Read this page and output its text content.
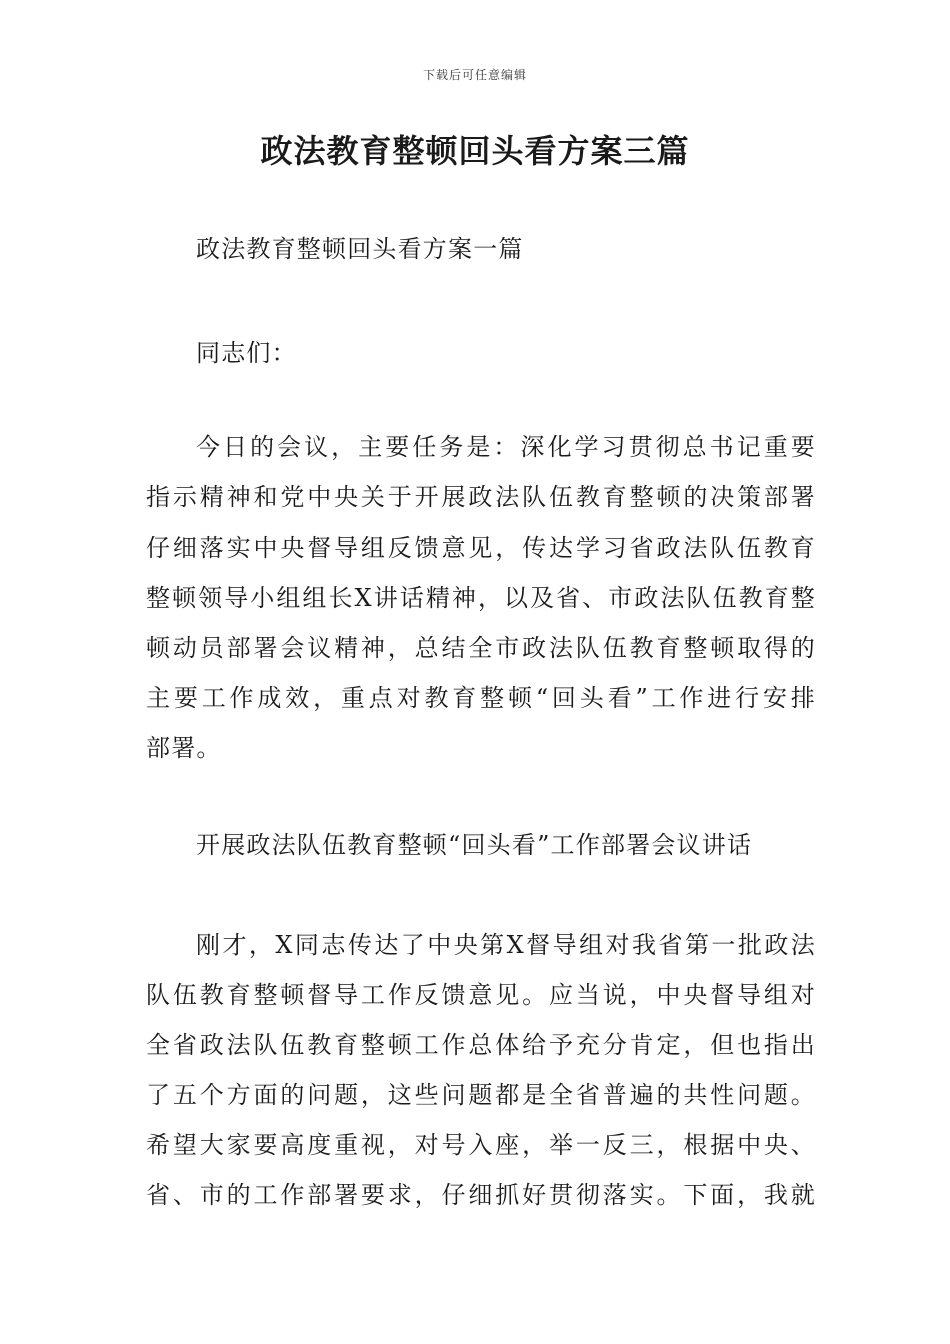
下载后可任意编辑
政法教育整顿回头看方案三篇
政法教育整顿回头看方案一篇
同志们：
今日的会议，主要任务是：深化学习贯彻总书记重要
指示精神和党中央关于开展政法队伍教育整顿的决策部署
仔细落实中央督导组反馈意见，传达学习省政法队伍教育
整顿领导小组组长X讲话精神，以及省、市政法队伍教育整
顿动员部署会议精神，总结全市政法队伍教育整顿取得的
主要工作成效，重点对教育整顿“回头看”工作进行安排
部署。
开展政法队伍教育整顿“回头看”工作部署会议讲话
刚才，X同志传达了中央第X督导组对我省第一批政法
队伍教育整顿督导工作反馈意见。应当说，中央督导组对
全省政法队伍教育整顿工作总体给予充分肯定，但也指出
了五个方面的问题，这些问题都是全省普遍的共性问题。
希望大家要高度重视，对号入座，举一反三，根据中央、
省、市的工作部署要求，仔细抓好贯彻落实。下面，我就
